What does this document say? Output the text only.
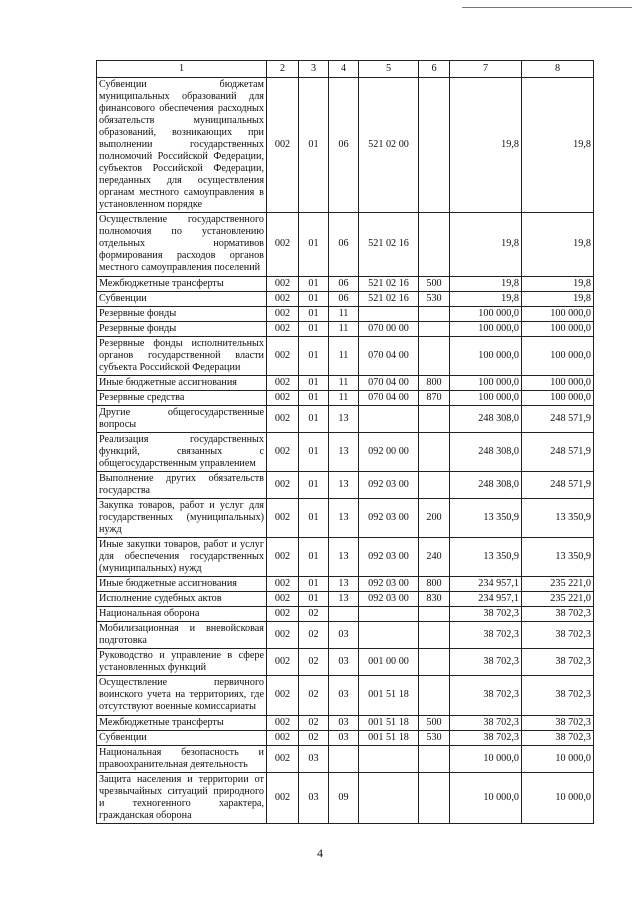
1	2	3	4	5	6	7	8
Субвенции бюджетам муниципальных образований для финансового обеспечения расходных обязательств муниципальных образований, возникающих при выполнении государственных полномочий Российской Федерации, субъектов Российской Федерации, переданных для осуществления органам местного самоуправления в установленном порядке	002	01	06	521 02 00		19,8	19,8
Осуществление государственного полномочия по установлению отдельных нормативов формирования расходов органов местного самоуправления поселений	002	01	06	521 02 16		19,8	19,8
Межбюджетные трансферты	002	01	06	521 02 16	500	19,8	19,8
Субвенции	002	01	06	521 02 16	530	19,8	19,8
Резервные фонды	002	01	11			100 000,0	100 000,0
Резервные фонды	002	01	11	070 00 00		100 000,0	100 000,0
Резервные фонды исполнительных органов государственной власти субъекта Российской Федерации	002	01	11	070 04 00		100 000,0	100 000,0
Иные бюджетные ассигнования	002	01	11	070 04 00	800	100 000,0	100 000,0
Резервные средства	002	01	11	070 04 00	870	100 000,0	100 000,0
Другие общегосударственные вопросы	002	01	13			248 308,0	248 571,9
Реализация государственных функций, связанных с общегосударственным управлением	002	01	13	092 00 00		248 308,0	248 571,9
Выполнение других обязательств государства	002	01	13	092 03 00		248 308,0	248 571,9
Закупка товаров, работ и услуг для государственных (муниципальных) нужд	002	01	13	092 03 00	200	13 350,9	13 350,9
Иные закупки товаров, работ и услуг для обеспечения государственных (муниципальных) нужд	002	01	13	092 03 00	240	13 350,9	13 350,9
Иные бюджетные ассигнования	002	01	13	092 03 00	800	234 957,1	235 221,0
Исполнение судебных актов	002	01	13	092 03 00	830	234 957,1	235 221,0
Национальная оборона	002	02				38 702,3	38 702,3
Мобилизационная и вневойсковая подготовка	002	02	03			38 702,3	38 702,3
Руководство и управление в сфере установленных функций	002	02	03	001 00 00		38 702,3	38 702,3
Осуществление первичного воинского учета на территориях, где отсутствуют военные комиссариаты	002	02	03	001 51 18		38 702,3	38 702,3
Межбюджетные трансферты	002	02	03	001 51 18	500	38 702,3	38 702,3
Субвенции	002	02	03	001 51 18	530	38 702,3	38 702,3
Национальная безопасность и правоохранительная деятельность	002	03				10 000,0	10 000,0
Защита населения и территории от чрезвычайных ситуаций природного и техногенного характера, гражданская оборона	002	03	09			10 000,0	10 000,0
4
